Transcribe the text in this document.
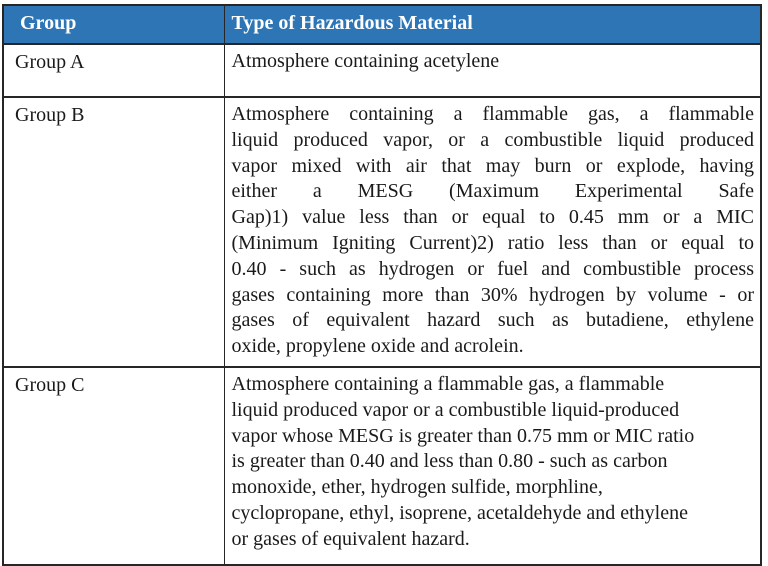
Group	Type of Hazardous Material
Group A	Atmosphere containing acetylene

Group B	Atmosphere containing a flammable gas, a flammable
liquid produced vapor, or a combustible liquid produced
vapor mixed with air that may burn or explode, having
either a MESG (Maximum Experimental Safe
Gap)1) value less than or equal to 0.45 mm or a MIC
(Minimum Igniting Current)2) ratio less than or equal to
0.40 - such as hydrogen or fuel and combustible process
gases containing more than 30% hydrogen by volume - or
gases of equivalent hazard such as butadiene, ethylene
oxide, propylene oxide and acrolein.

Group C	Atmosphere containing a flammable gas, a flammable
liquid produced vapor or a combustible liquid-produced
vapor whose MESG is greater than 0.75 mm or MIC ratio
is greater than 0.40 and less than 0.80 - such as carbon
monoxide, ether, hydrogen sulfide, morphline,
cyclopropane, ethyl, isoprene, acetaldehyde and ethylene
or gases of equivalent hazard.
